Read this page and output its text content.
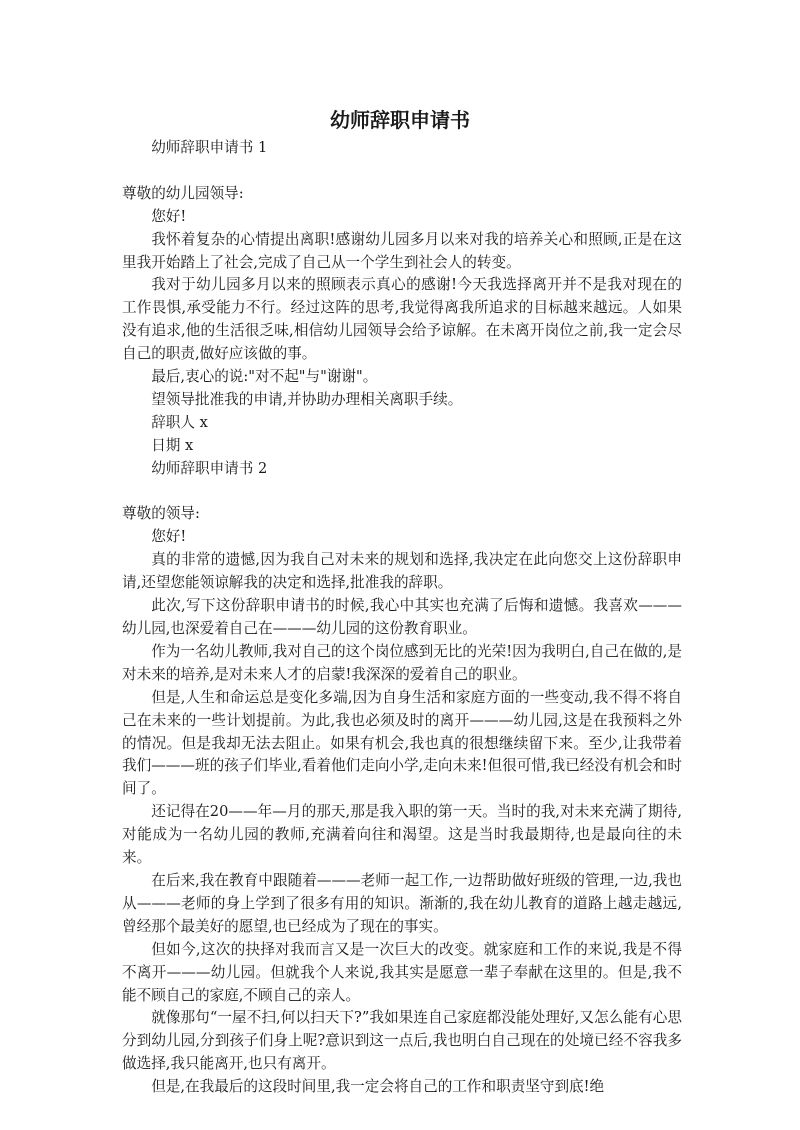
幼师辞职申请书

幼师辞职申请书 1

尊敬的幼儿园领导:

您好!

我怀着复杂的心情提出离职!感谢幼儿园多月以来对我的培养关心和照顾,正是在这里我开始踏上了社会,完成了自己从一个学生到社会人的转变。

我对于幼儿园多月以来的照顾表示真心的感谢!今天我选择离开并不是我对现在的工作畏惧,承受能力不行。经过这阵的思考,我觉得离我所追求的目标越来越远。人如果没有追求,他的生活很乏味,相信幼儿园领导会给予谅解。在未离开岗位之前,我一定会尽自己的职责,做好应该做的事。

最后,衷心的说:"对不起"与"谢谢"。

望领导批准我的申请,并协助办理相关离职手续。

辞职人 x

日期 x

幼师辞职申请书 2

尊敬的领导:

您好!

真的非常的遗憾,因为我自己对未来的规划和选择,我决定在此向您交上这份辞职申请,还望您能领谅解我的决定和选择,批准我的辞职。

此次,写下这份辞职申请书的时候,我心中其实也充满了后悔和遗憾。我喜欢———幼儿园,也深爱着自己在———幼儿园的这份教育职业。

作为一名幼儿教师,我对自己的这个岗位感到无比的光荣!因为我明白,自己在做的,是对未来的培养,是对未来人才的启蒙!我深深的爱着自己的职业。

但是,人生和命运总是变化多端,因为自身生活和家庭方面的一些变动,我不得不将自己在未来的一些计划提前。为此,我也必须及时的离开———幼儿园,这是在我预料之外的情况。但是我却无法去阻止。如果有机会,我也真的很想继续留下来。至少,让我带着我们———班的孩子们毕业,看着他们走向小学,走向未来!但很可惜,我已经没有机会和时间了。

还记得在20——年—月的那天,那是我入职的第一天。当时的我,对未来充满了期待,对能成为一名幼儿园的教师,充满着向往和渴望。这是当时我最期待,也是最向往的未来。

在后来,我在教育中跟随着———老师一起工作,一边帮助做好班级的管理,一边,我也从———老师的身上学到了很多有用的知识。渐渐的,我在幼儿教育的道路上越走越远,曾经那个最美好的愿望,也已经成为了现在的事实。

但如今,这次的抉择对我而言又是一次巨大的改变。就家庭和工作的来说,我是不得不离开———幼儿园。但就我个人来说,我其实是愿意一辈子奉献在这里的。但是,我不能不顾自己的家庭,不顾自己的亲人。

就像那句“一屋不扫,何以扫天下?”我如果连自己家庭都没能处理好,又怎么能有心思分到幼儿园,分到孩子们身上呢?意识到这一点后,我也明白自己现在的处境已经不容我多做选择,我只能离开,也只有离开。

但是,在我最后的这段时间里,我一定会将自己的工作和职责坚守到底!绝
